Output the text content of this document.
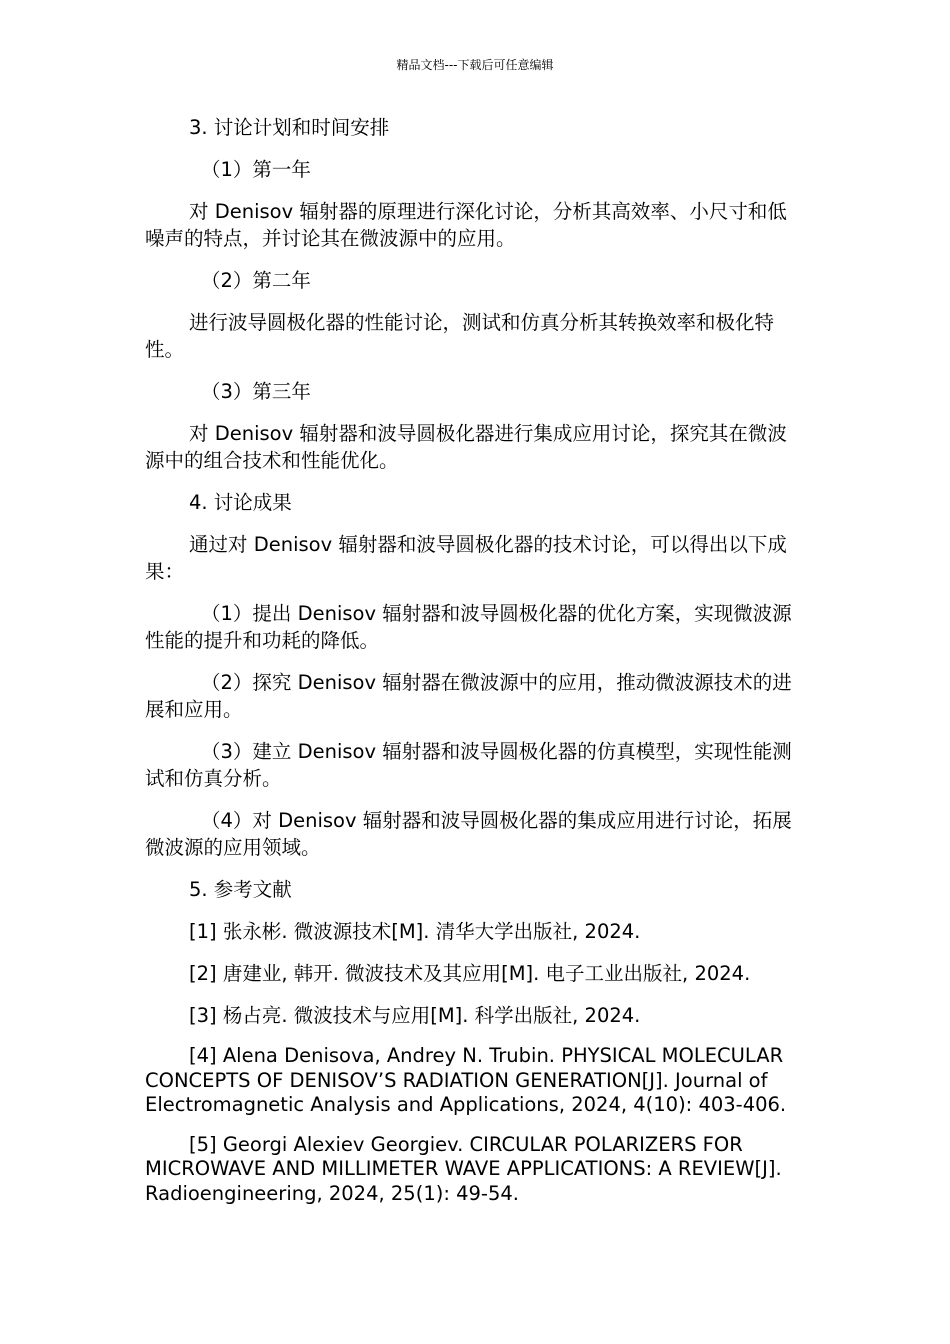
精品文档---下载后可任意编辑
3. 讨论计划和时间安排
（1）第一年
对 Denisov 辐射器的原理进行深化讨论，分析其高效率、小尺寸和低噪声的特点，并讨论其在微波源中的应用。
（2）第二年
进行波导圆极化器的性能讨论，测试和仿真分析其转换效率和极化特性。
（3）第三年
对 Denisov 辐射器和波导圆极化器进行集成应用讨论，探究其在微波源中的组合技术和性能优化。
4. 讨论成果
通过对 Denisov 辐射器和波导圆极化器的技术讨论，可以得出以下成果：
（1）提出 Denisov 辐射器和波导圆极化器的优化方案，实现微波源性能的提升和功耗的降低。
（2）探究 Denisov 辐射器在微波源中的应用，推动微波源技术的进展和应用。
（3）建立 Denisov 辐射器和波导圆极化器的仿真模型，实现性能测试和仿真分析。
（4）对 Denisov 辐射器和波导圆极化器的集成应用进行讨论，拓展微波源的应用领域。
5. 参考文献
[1] 张永彬. 微波源技术[M]. 清华大学出版社, 2024.
[2] 唐建业, 韩开. 微波技术及其应用[M]. 电子工业出版社, 2024.
[3] 杨占亮. 微波技术与应用[M]. 科学出版社, 2024.
[4] Alena Denisova, Andrey N. Trubin. PHYSICAL MOLECULAR CONCEPTS OF DENISOV’S RADIATION GENERATION[J]. Journal of Electromagnetic Analysis and Applications, 2024, 4(10): 403-406.
[5] Georgi Alexiev Georgiev. CIRCULAR POLARIZERS FOR MICROWAVE AND MILLIMETER WAVE APPLICATIONS: A REVIEW[J]. Radioengineering, 2024, 25(1): 49-54.
